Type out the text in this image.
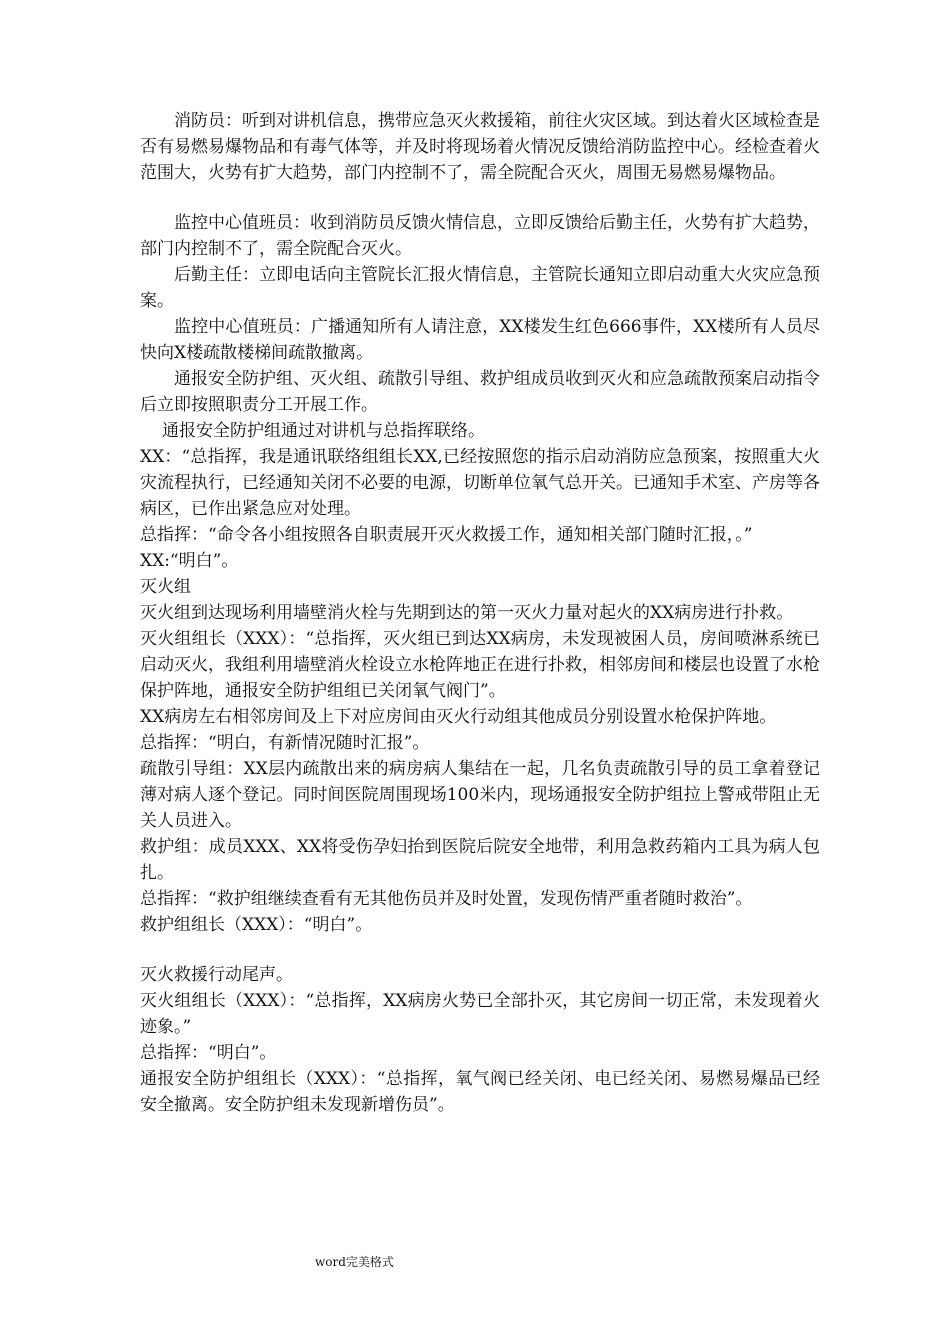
消防员：听到对讲机信息，携带应急灭火救援箱，前往火灾区域。到达着火区域检查是否有易燃易爆物品和有毒气体等，并及时将现场着火情况反馈给消防监控中心。经检查着火范围大，火势有扩大趋势，部门内控制不了，需全院配合灭火，周围无易燃易爆物品。

监控中心值班员：收到消防员反馈火情信息，立即反馈给后勤主任，火势有扩大趋势，部门内控制不了，需全院配合灭火。

后勤主任：立即电话向主管院长汇报火情信息，主管院长通知立即启动重大火灾应急预案。

监控中心值班员：广播通知所有人请注意，XX楼发生红色666事件，XX楼所有人员尽快向X楼疏散楼梯间疏散撤离。

通报安全防护组、灭火组、疏散引导组、救护组成员收到灭火和应急疏散预案启动指令后立即按照职责分工开展工作。

通报安全防护组通过对讲机与总指挥联络。

XX：“总指挥，我是通讯联络组组长XX,已经按照您的指示启动消防应急预案，按照重大火灾流程执行，已经通知关闭不必要的电源，切断单位氧气总开关。已通知手术室、产房等各病区，已作出紧急应对处理。

总指挥：“命令各小组按照各自职责展开灭火救援工作，通知相关部门随时汇报，。”

XX:“明白”。

灭火组

灭火组到达现场利用墙壁消火栓与先期到达的第一灭火力量对起火的XX病房进行扑救。

灭火组组长（XXX）：“总指挥，灭火组已到达XX病房，未发现被困人员，房间喷淋系统已启动灭火，我组利用墙壁消火栓设立水枪阵地正在进行扑救，相邻房间和楼层也设置了水枪保护阵地，通报安全防护组组已关闭氧气阀门”。

XX病房左右相邻房间及上下对应房间由灭火行动组其他成员分别设置水枪保护阵地。

总指挥：“明白，有新情况随时汇报”。

疏散引导组：XX层内疏散出来的病房病人集结在一起，几名负责疏散引导的员工拿着登记薄对病人逐个登记。同时间医院周围现场100米内，现场通报安全防护组拉上警戒带阻止无关人员进入。

救护组：成员XXX、XX将受伤孕妇抬到医院后院安全地带，利用急救药箱内工具为病人包扎。

总指挥：“救护组继续查看有无其他伤员并及时处置，发现伤情严重者随时救治”。

救护组组长（XXX）：“明白”。

灭火救援行动尾声。

灭火组组长（XXX）：“总指挥，XX病房火势已全部扑灭，其它房间一切正常，未发现着火迹象。”

总指挥：“明白”。

通报安全防护组组长（XXX）：“总指挥，氧气阀已经关闭、电已经关闭、易燃易爆品已经安全撤离。安全防护组未发现新增伤员”。

word完美格式
